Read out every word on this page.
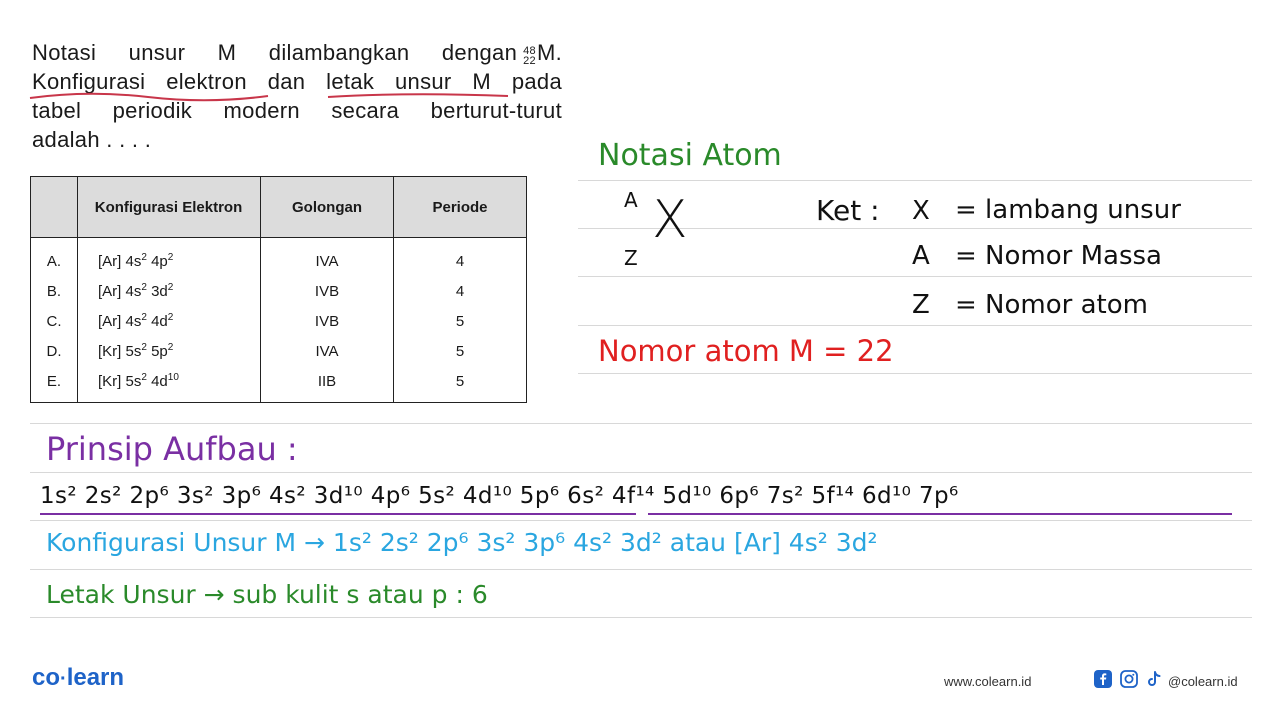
Notasi unsur M dilambangkan dengan 48
22 M.

Konfigurasi elektron dan letak unsur M pada

tabel periodik modern secara berturut-turut

adalah . . . .

	Konfigurasi Elektron	Golongan	Periode
A.	[Ar] $4s^2$ $4p^2$	IVA	4
B.	[Ar] $4s^2$ $3d^2$	IVB	4
C.	[Ar] $4s^2$ $4d^2$	IVB	5
D.	[Kr] $5s^2$ $5p^2$	IVA	5
E.	[Kr] $5s^2$ $4d^{10}$	IIB	5
Notasi Atom
A
Z
X	Ket : X = lambang unsur
A = Nomor Massa
Z = Nomor atom
Nomor atom M = 22
Prinsip Aufbau :
1s² 2s² 2p⁶ 3s² 3p⁶ 4s² 3d¹⁰ 4p⁶ 5s² 4d¹⁰ 5p⁶ 6s² 4f¹⁴ 5d¹⁰ 6p⁶ 7s² 5f¹⁴ 6d¹⁰ 7p⁶
Konfigurasi Unsur M → 1s² 2s² 2p⁶ 3s² 3p⁶ 4s² 3d² atau [Ar] 4s² 3d²
Letak Unsur → sub kulit s atau p : 6
co·learn	www.colearn.id	@colearn.id
